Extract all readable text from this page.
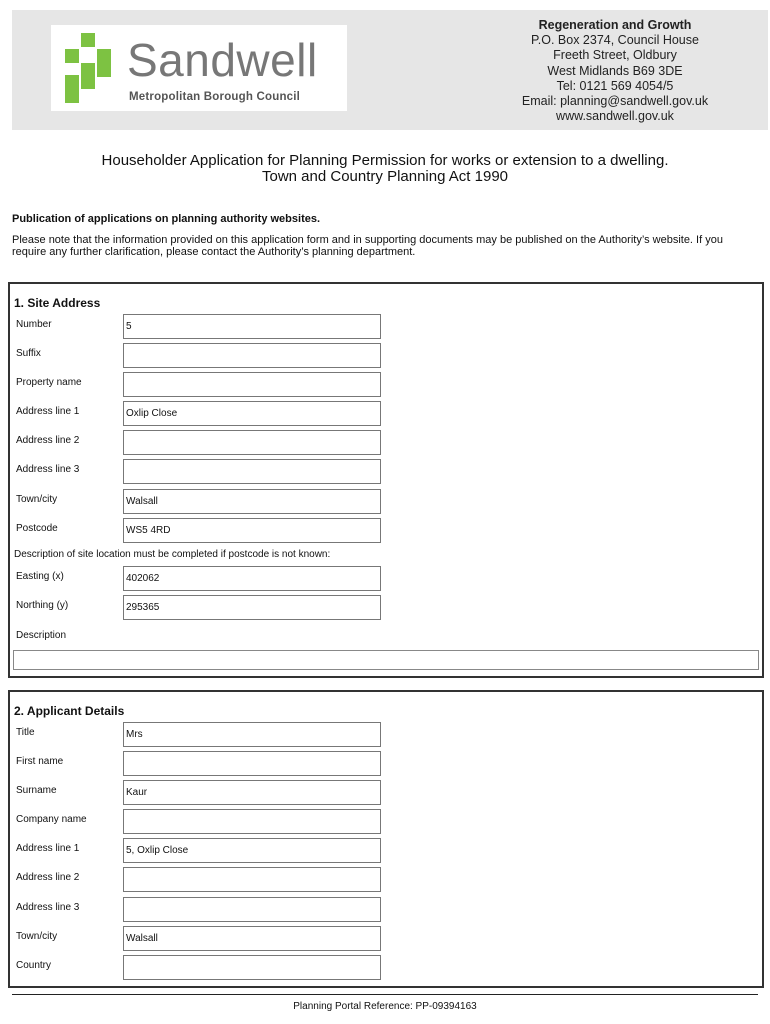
Sandwell
Metropolitan Borough Council
Regeneration and Growth
P.O. Box 2374, Council House
Freeth Street, Oldbury
West Midlands B69 3DE
Tel: 0121 569 4054/5
Email: planning@sandwell.gov.uk
www.sandwell.gov.uk
Householder Application for Planning Permission for works or extension to a dwelling.
Town and Country Planning Act 1990
Publication of applications on planning authority websites.
Please note that the information provided on this application form and in supporting documents may be published on the Authority’s website. If you require any further clarification, please contact the Authority’s planning department.
1. Site Address
Number	5
Suffix
Property name
Address line 1	Oxlip Close
Address line 2
Address line 3
Town/city	Walsall
Postcode	WS5 4RD
Description of site location must be completed if postcode is not known:
Easting (x)	402062
Northing (y)	295365
Description
2. Applicant Details
Title	Mrs
First name
Surname	Kaur
Company name
Address line 1	5, Oxlip Close
Address line 2
Address line 3
Town/city	Walsall
Country
Planning Portal Reference: PP-09394163
